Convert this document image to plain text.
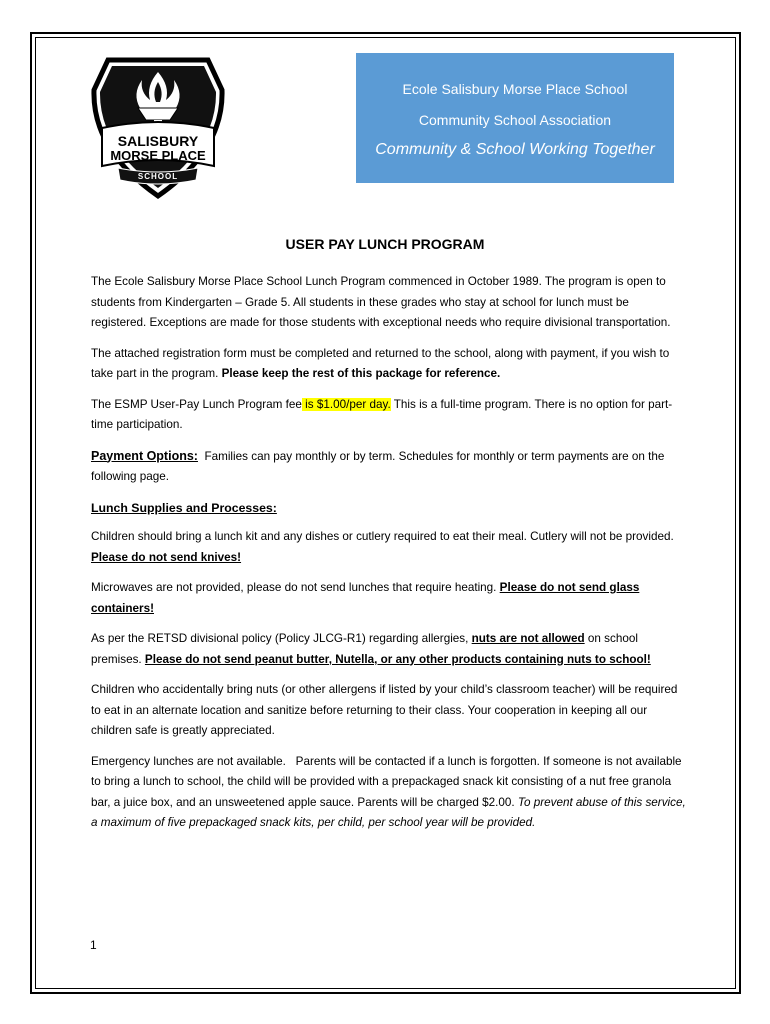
SALISBURY
MORSE PLACE
SCHOOL
Ecole Salisbury Morse Place School
Community School Association
Community & School Working Together
USER PAY LUNCH PROGRAM

The Ecole Salisbury Morse Place School Lunch Program commenced in October 1989. The program is open to students from Kindergarten – Grade 5. All students in these grades who stay at school for lunch must be registered. Exceptions are made for those students with exceptional needs who require divisional transportation.

The attached registration form must be completed and returned to the school, along with payment, if you wish to take part in the program. Please keep the rest of this package for reference.

The ESMP User-Pay Lunch Program fee is $1.00/per day. This is a full-time program. There is no option for part-time participation.

Payment Options:  Families can pay monthly or by term. Schedules for monthly or term payments are on the following page.

Lunch Supplies and Processes:

Children should bring a lunch kit and any dishes or cutlery required to eat their meal. Cutlery will not be provided. Please do not send knives!

Microwaves are not provided, please do not send lunches that require heating. Please do not send glass containers!

As per the RETSD divisional policy (Policy JLCG-R1) regarding allergies, nuts are not allowed on school premises. Please do not send peanut butter, Nutella, or any other products containing nuts to school!

Children who accidentally bring nuts (or other allergens if listed by your child’s classroom teacher) will be required to eat in an alternate location and sanitize before returning to their class. Your cooperation in keeping all our children safe is greatly appreciated.

Emergency lunches are not available.   Parents will be contacted if a lunch is forgotten. If someone is not available to bring a lunch to school, the child will be provided with a prepackaged snack kit consisting of a nut free granola bar, a juice box, and an unsweetened apple sauce. Parents will be charged $2.00. To prevent abuse of this service, a maximum of five prepackaged snack kits, per child, per school year will be provided.

1
